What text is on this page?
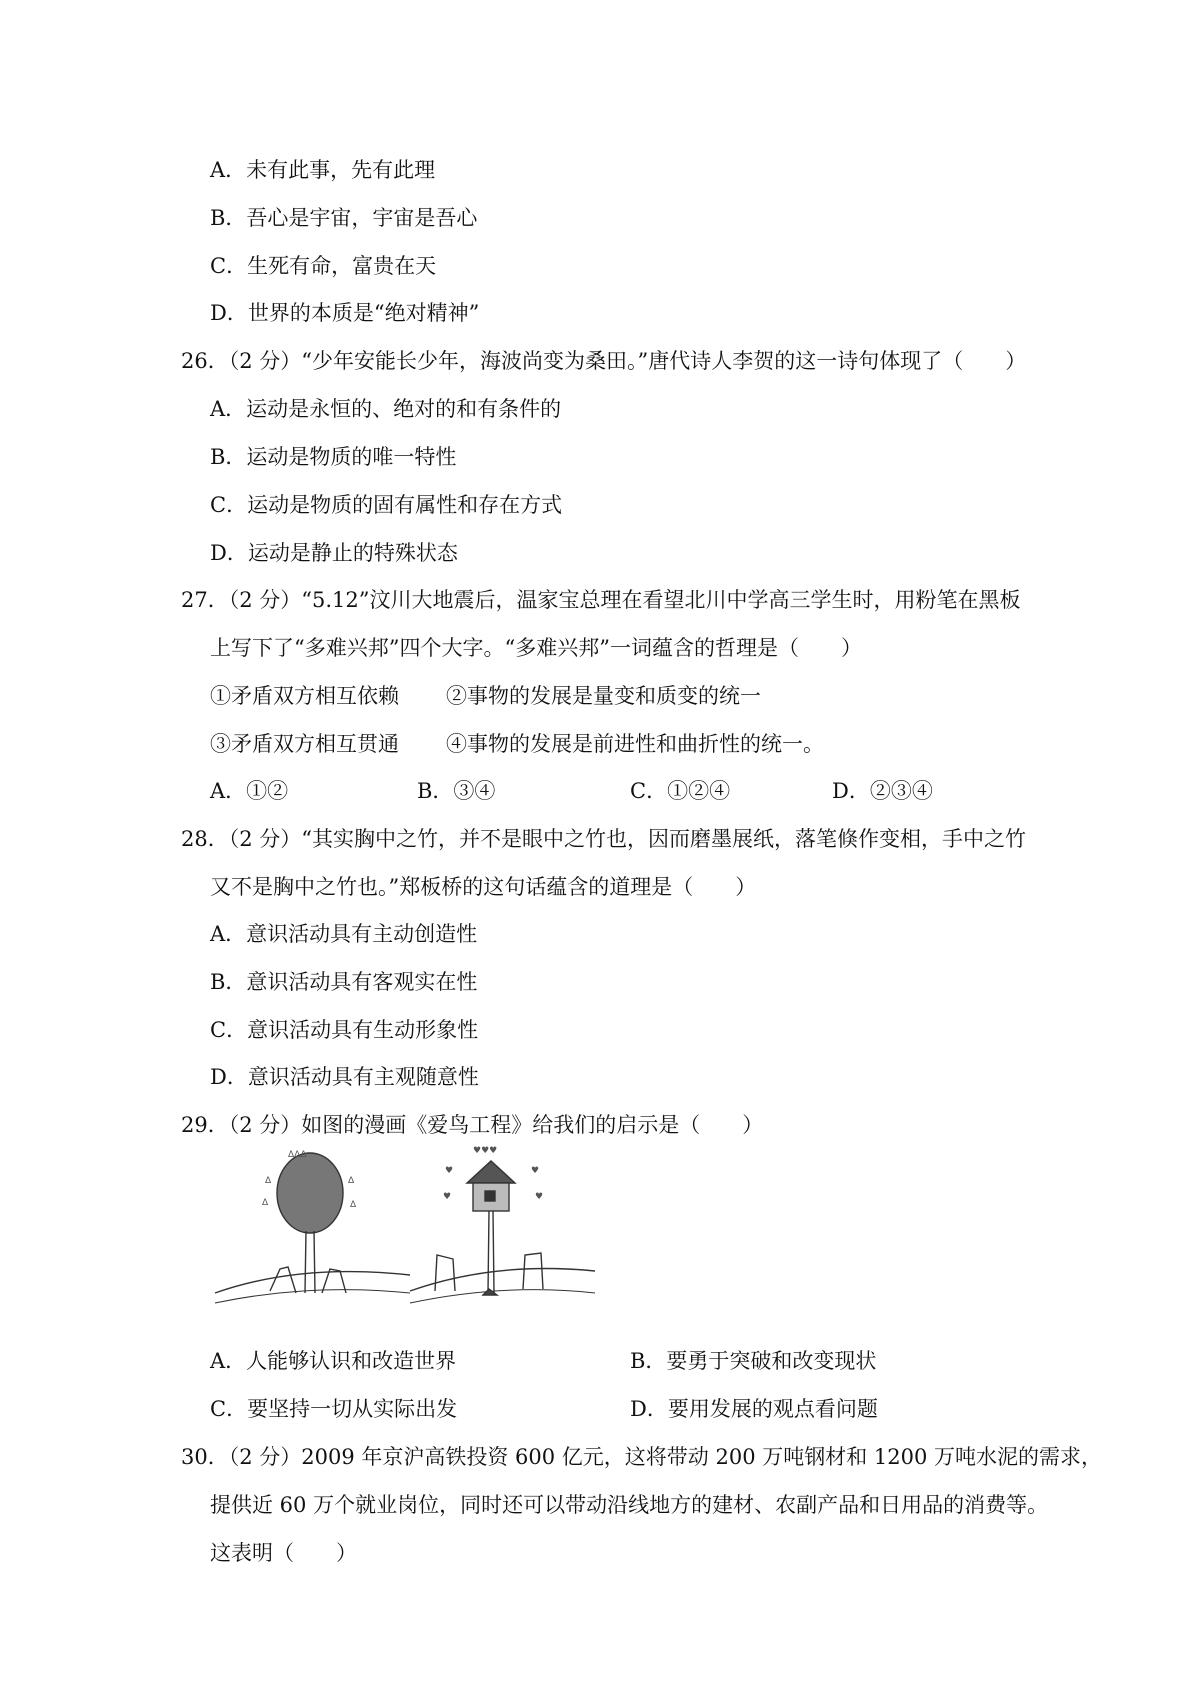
A．未有此事，先有此理
B．吾心是宇宙，宇宙是吾心
C．生死有命，富贵在天
D．世界的本质是“绝对精神”
26．（2 分）“少年安能长少年，海波尚变为桑田。”唐代诗人李贺的这一诗句体现了（　　）
A．运动是永恒的、绝对的和有条件的
B．运动是物质的唯一特性
C．运动是物质的固有属性和存在方式
D．运动是静止的特殊状态
27．（2 分）“5.12”汶川大地震后，温家宝总理在看望北川中学高三学生时，用粉笔在黑板
上写下了“多难兴邦”四个大字。“多难兴邦”一词蕴含的哲理是（　　）
①矛盾双方相互依赖 ②事物的发展是量变和质变的统一
③矛盾双方相互贯通 ④事物的发展是前进性和曲折性的统一。
A．①②	B．③④	C．①②④	D．②③④
28．（2 分）“其实胸中之竹，并不是眼中之竹也，因而磨墨展纸，落笔倏作变相，手中之竹
又不是胸中之竹也。”郑板桥的这句话蕴含的道理是（　　）
A．意识活动具有主动创造性
B．意识活动具有客观实在性
C．意识活动具有生动形象性
D．意识活动具有主观随意性
29．（2 分）如图的漫画《爱鸟工程》给我们的启示是（　　）
ΔΔΔ
Δ	Δ
Δ	Δ
♥♥♥
♥	♥
♥	♥
A．人能够认识和改造世界	B．要勇于突破和改变现状
C．要坚持一切从实际出发	D．要用发展的观点看问题
30．（2 分）2009 年京沪高铁投资 600 亿元，这将带动 200 万吨钢材和 1200 万吨水泥的需求，
提供近 60 万个就业岗位，同时还可以带动沿线地方的建材、农副产品和日用品的消费等。
这表明（　　）
